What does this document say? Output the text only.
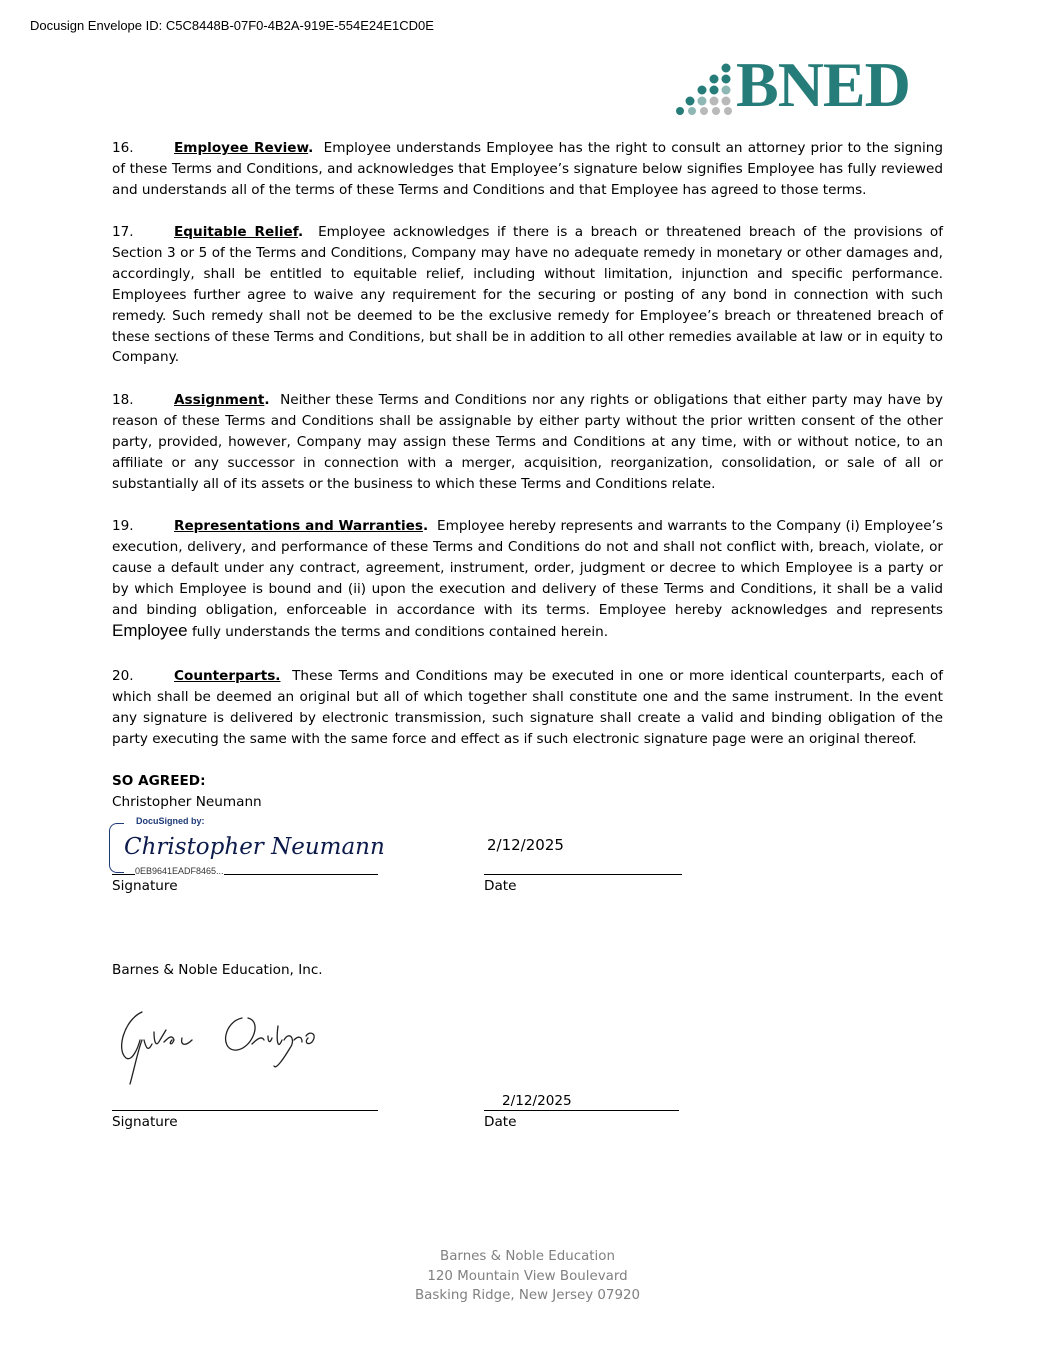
Docusign Envelope ID: C5C8448B-07F0-4B2A-919E-554E24E1CD0E
BNED
16.	Employee Review. Employee understands Employee has the right to consult an attorney prior to the signing of these Terms and Conditions, and acknowledges that Employee’s signature below signifies Employee has fully reviewed and understands all of the terms of these Terms and Conditions and that Employee has agreed to those terms.
17.	Equitable Relief. Employee acknowledges if there is a breach or threatened breach of the provisions of Section 3 or 5 of the Terms and Conditions, Company may have no adequate remedy in monetary or other damages and, accordingly, shall be entitled to equitable relief, including without limitation, injunction and specific performance. Employees further agree to waive any requirement for the securing or posting of any bond in connection with such remedy. Such remedy shall not be deemed to be the exclusive remedy for Employee’s breach or threatened breach of these sections of these Terms and Conditions, but shall be in addition to all other remedies available at law or in equity to Company.
18.	Assignment. Neither these Terms and Conditions nor any rights or obligations that either party may have by reason of these Terms and Conditions shall be assignable by either party without the prior written consent of the other party, provided, however, Company may assign these Terms and Conditions at any time, with or without notice, to an affiliate or any successor in connection with a merger, acquisition, reorganization, consolidation, or sale of all or substantially all of its assets or the business to which these Terms and Conditions relate.
19.	Representations and Warranties. Employee hereby represents and warrants to the Company (i) Employee’s execution, delivery, and performance of these Terms and Conditions do not and shall not conflict with, breach, violate, or cause a default under any contract, agreement, instrument, order, judgment or decree to which Employee is a party or by which Employee is bound and (ii) upon the execution and delivery of these Terms and Conditions, it shall be a valid and binding obligation, enforceable in accordance with its terms. Employee hereby acknowledges and represents Employee fully understands the terms and conditions contained herein.
20.	Counterparts. These Terms and Conditions may be executed in one or more identical counterparts, each of which shall be deemed an original but all of which together shall constitute one and the same instrument. In the event any signature is delivered by electronic transmission, such signature shall create a valid and binding obligation of the party executing the same with the same force and effect as if such electronic signature page were an original thereof.
SO AGREED:
Christopher Neumann
DocuSigned by:
Christopher Neumann
0EB9641EADF8465...
2/12/2025
Signature	Date
Barnes & Noble Education, Inc.
Cynthia Origlio
2/12/2025
Signature	Date
Barnes & Noble Education
120 Mountain View Boulevard
Basking Ridge, New Jersey 07920
